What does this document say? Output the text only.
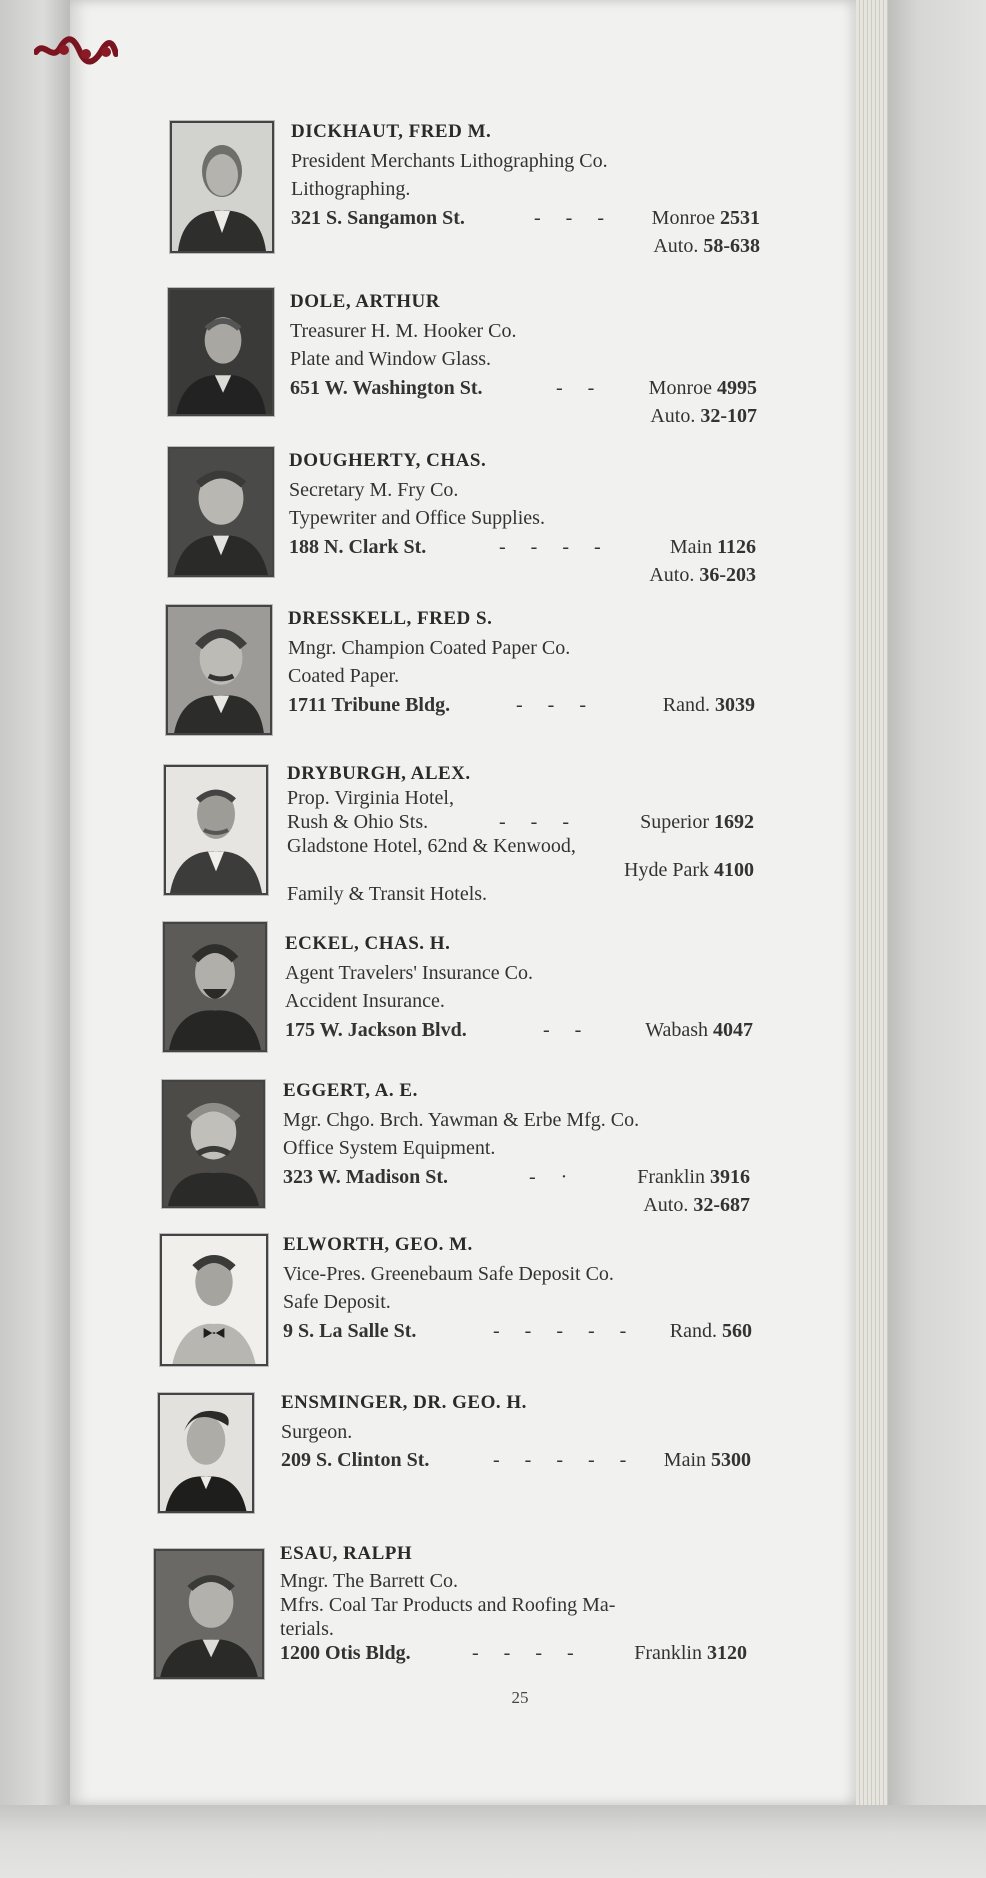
DICKHAUT, FRED M.
President Merchants Lithographing Co.
Lithographing.
321 S. Sangamon St.	- - - Monroe 2531
Auto. 58-638
DOLE, ARTHUR
Treasurer H. M. Hooker Co.
Plate and Window Glass.
651 W. Washington St.	- - Monroe 4995
Auto. 32-107
DOUGHERTY, CHAS.
Secretary M. Fry Co.
Typewriter and Office Supplies.
188 N. Clark St.	- - - -	Main 1126
Auto. 36-203
DRESSKELL, FRED S.
Mngr. Champion Coated Paper Co.
Coated Paper.
1711 Tribune Bldg.	- - -	Rand. 3039
DRYBURGH, ALEX.
Prop. Virginia Hotel,
Rush & Ohio Sts.	- - -	Superior 1692
Gladstone Hotel, 62nd & Kenwood,
Hyde Park 4100
Family & Transit Hotels.
ECKEL, CHAS. H.
Agent Travelers' Insurance Co.
Accident Insurance.
175 W. Jackson Blvd.	- -	Wabash 4047
EGGERT, A. E.
Mgr. Chgo. Brch. Yawman & Erbe Mfg. Co.
Office System Equipment.
323 W. Madison St.	- ·	Franklin 3916
Auto. 32-687
ELWORTH, GEO. M.
Vice-Pres. Greenebaum Safe Deposit Co.
Safe Deposit.
9 S. La Salle St.	- - - - - Rand. 560
ENSMINGER, DR. GEO. H.
Surgeon.
209 S. Clinton St.	- - - - - Main 5300
ESAU, RALPH
Mngr. The Barrett Co.
Mfrs. Coal Tar Products and Roofing Ma-
terials.
1200 Otis Bldg.	- - - -	Franklin 3120
25
